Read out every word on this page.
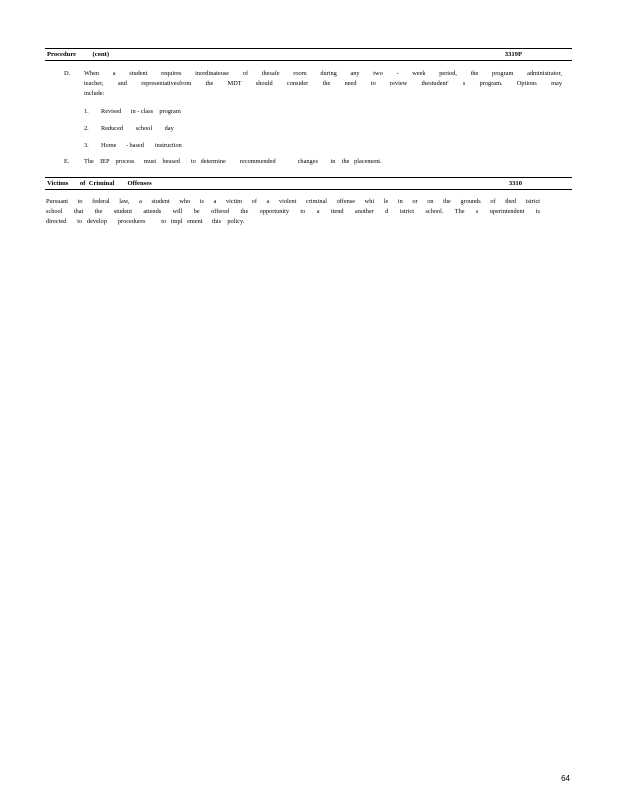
Procedure          (cont)	3319P
D. When a student requires inordinateuse of thesafe room during any two - week period, the program administrator,
teacher, and representativesfrom the MDT should consider the need to review thestudent' s program. Options may
include:
1. Revised      in - class    program
2. Reduced        school        day
3. Home      - based       instruction
E. The    IEP    process      must    beused       to   determine         recommended              changes        in    the   placement.
Victims       of  Criminal        Offenses	3310
Pursuant to federal law, a student who is a victim of a violent criminal offense whi le in or on the grounds of thed istrict
school that the student attends will be offered the opportunity to a ttend another d istrict school. The s uperintendent is
directed       to   develop       procedures          to   impl   ement      this    policy.
64
